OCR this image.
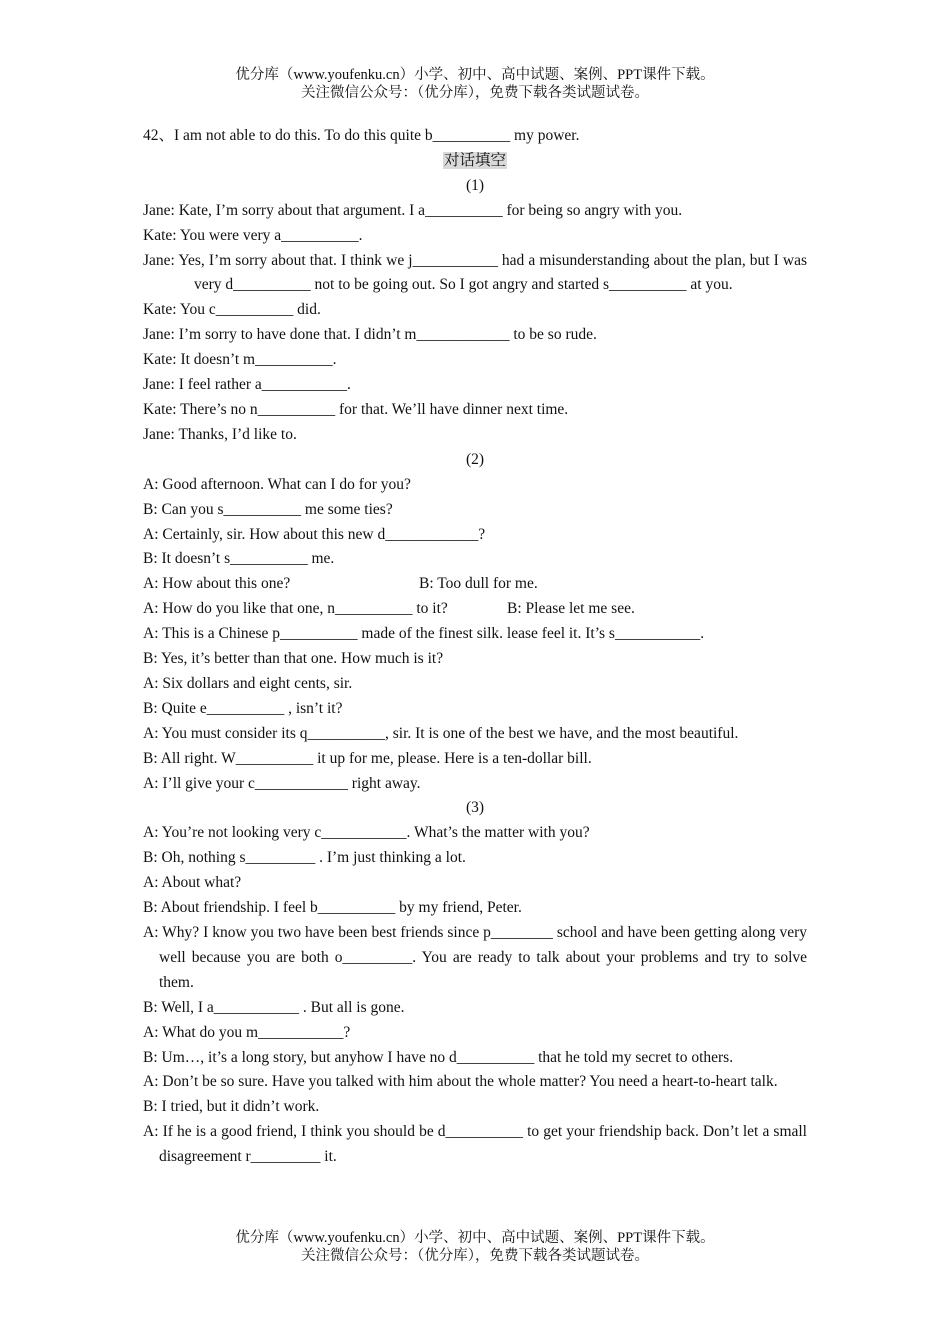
优分库（www.youfenku.cn）小学、初中、高中试题、案例、PPT课件下载。
关注微信公众号：（优分库），免费下载各类试题试卷。
42、I am not able to do this. To do this quite b__________ my power.
对话填空
(1)
Jane: Kate, I’m sorry about that argument. I a__________ for being so angry with you.
Kate: You were very a__________.
Jane: Yes, I’m sorry about that. I think we j___________ had a misunderstanding about the plan, but I was very d__________ not to be going out. So I got angry and started s__________ at you.
Kate: You c__________ did.
Jane: I’m sorry to have done that. I didn’t m____________ to be so rude.
Kate: It doesn’t m__________.
Jane: I feel rather a___________.
Kate: There’s no n__________ for that. We’ll have dinner next time.
Jane: Thanks, I’d like to.
(2)
A: Good afternoon. What can I do for you?
B: Can you s__________ me some ties?
A: Certainly, sir. How about this new d____________?
B: It doesn’t s__________ me.
A: How about this one?	B: Too dull for me.
A: How do you like that one, n__________ to it?	B: Please let me see.
A: This is a Chinese p__________ made of the finest silk. lease feel it. It’s s___________.
B: Yes, it’s better than that one. How much is it?
A: Six dollars and eight cents, sir.
B: Quite e__________ , isn’t it?
A: You must consider its q__________, sir. It is one of the best we have, and the most beautiful.
B: All right. W__________ it up for me, please. Here is a ten-dollar bill.
A: I’ll give your c____________ right away.
(3)
A: You’re not looking very c___________. What’s the matter with you?
B: Oh, nothing s_________ . I’m just thinking a lot.
A: About what?
B: About friendship. I feel b__________ by my friend, Peter.
A: Why? I know you two have been best friends since p________ school and have been getting along very well because you are both o_________. You are ready to talk about your problems and try to solve them.
B: Well, I a___________ . But all is gone.
A: What do you m___________?
B: Um…, it’s a long story, but anyhow I have no d__________ that he told my secret to others.
A: Don’t be so sure. Have you talked with him about the whole matter? You need a heart-to-heart talk.
B: I tried, but it didn’t work.
A: If he is a good friend, I think you should be d__________ to get your friendship back. Don’t let a small disagreement r_________ it.
优分库（www.youfenku.cn）小学、初中、高中试题、案例、PPT课件下载。
关注微信公众号：（优分库），免费下载各类试题试卷。
